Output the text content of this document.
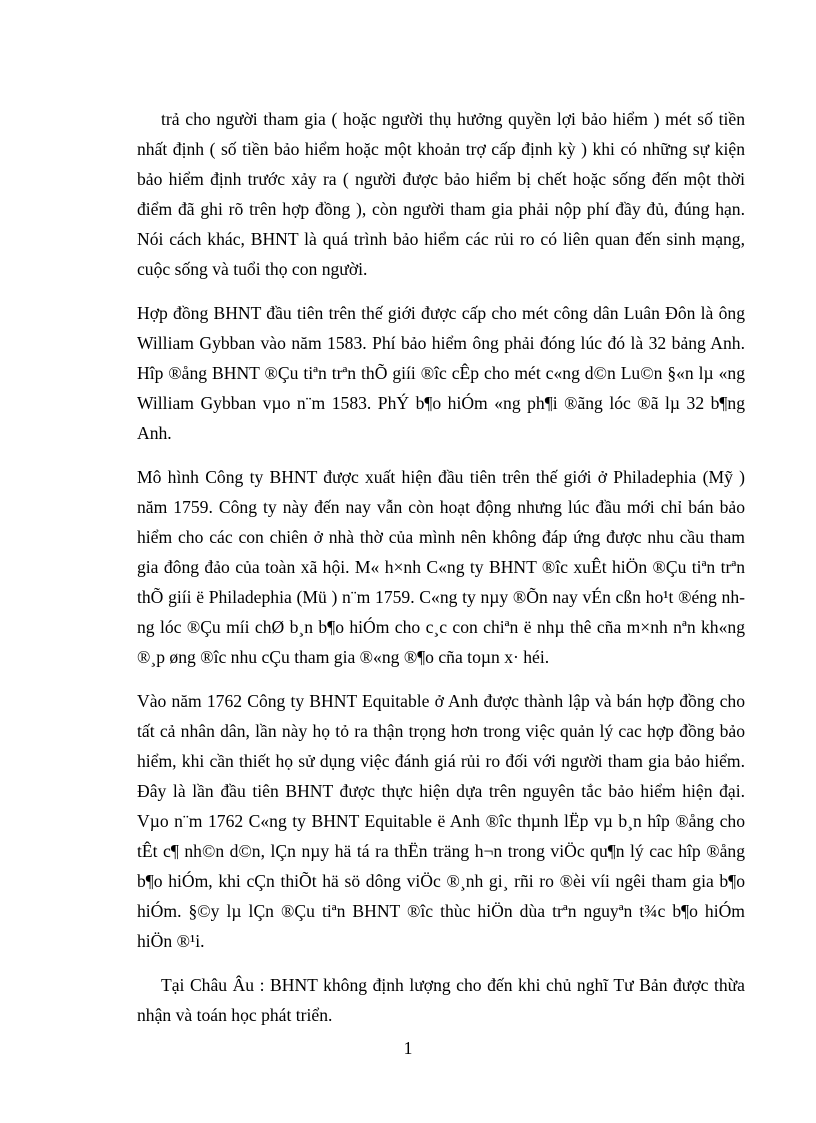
trả cho người tham gia ( hoặc người thụ hưởng quyền lợi bảo hiểm ) mét số tiền nhất định ( số tiền bảo hiểm hoặc một khoản trợ cấp định kỳ ) khi có những sự kiện bảo hiểm định trước xảy ra ( người được bảo hiểm bị chết hoặc sống đến một thời điểm đã ghi rõ trên hợp đồng ), còn người tham gia phải nộp phí đầy đủ, đúng hạn. Nói cách khác, BHNT là quá trình bảo hiểm các rủi ro có liên quan đến sinh mạng, cuộc sống và tuổi thọ con người.

Hợp đồng BHNT đầu tiên trên thế giới được cấp cho mét công dân Luân Đôn là ông William Gybban vào năm 1583. Phí bảo hiểm ông phải đóng lúc đó là 32 bảng Anh. Hîp ®ång BHNT ®Çu tiªn trªn thÕ giíi ®îc cÊp cho mét c«ng d©n Lu©n §«n lµ «ng William Gybban vµo n¨m 1583. PhÝ b¶o hiÓm «ng ph¶i ®ãng lóc ®ã lµ 32 b¶ng Anh.

Mô hình Công ty BHNT được xuất hiện đầu tiên trên thế giới ở Philadephia (Mỹ ) năm 1759. Công ty này đến nay vẫn còn hoạt động nhưng lúc đầu mới chỉ bán bảo hiểm cho các con chiên ở nhà thờ của mình nên không đáp ứng được nhu cầu tham gia đông đảo của toàn xã hội. M« h×nh C«ng ty BHNT ®îc xuÊt hiÖn ®Çu tiªn trªn thÕ giíi ë Philadephia (Mü ) n¨m 1759. C«ng ty nµy ®Õn nay vÉn cßn ho¹t ®éng nhng lóc ®Çu míi chØ b¸n b¶o hiÓm cho c¸c con chiªn ë nhµ thê cña m×nh nªn kh«ng ®¸p øng ®îc nhu cÇu tham gia ®«ng ®¶o cña toµn x· héi.

Vào năm 1762 Công ty BHNT Equitable ở Anh được thành lập và bán hợp đồng cho tất cả nhân dân, lần này họ tỏ ra thận trọng hơn trong việc quản lý cac hợp đồng bảo hiểm, khi cần thiết họ sử dụng việc đánh giá rủi ro đối với người tham gia bảo hiểm. Đây là lần đầu tiên BHNT được thực hiện dựa trên nguyên tắc bảo hiểm hiện đại. Vµo n¨m 1762 C«ng ty BHNT Equitable ë Anh ®îc thµnh lËp vµ b¸n hîp ®ång cho tÊt c¶ nh©n d©n, lÇn nµy hä tá ra thËn träng h¬n trong viÖc qu¶n lý cac hîp ®ång b¶o hiÓm, khi cÇn thiÕt hä sö dông viÖc ®¸nh gi¸ rñi ro ®èi víi ngêi tham gia b¶o hiÓm. §©y lµ lÇn ®Çu tiªn BHNT ®îc thùc hiÖn dùa trªn nguyªn t¾c b¶o hiÓm hiÖn ®¹i.

Tại Châu Âu : BHNT không định lượng cho đến khi chủ nghĩ Tư Bản được thừa nhận và toán học phát triển.

1
